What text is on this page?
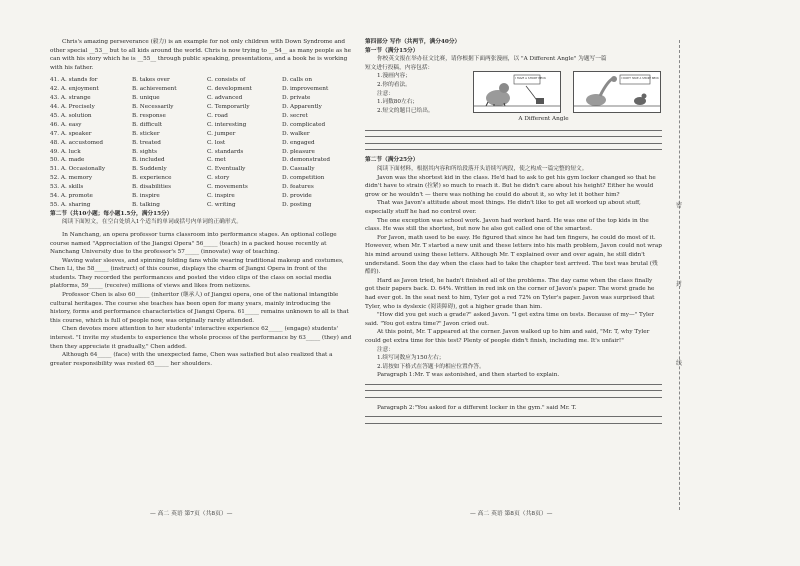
Chris's amazing perseverance (毅力) is an example for not only children with Down Syndrome and

other special __53__ but to all kids around the world. Chris is now trying to __54__ as many people as he

can with his story which he is __55__ through public speaking, presentations, and a book he is working

with his father.

41. A. stands for	B. takes over	C. consists of	D. calls on
42. A. enjoyment	B. achievement	C. development	D. improvement
43. A. strange	B. unique	C. advanced	D. private
44. A. Precisely	B. Necessarily	C. Temporarily	D. Apparently
45. A. solution	B. response	C. road	D. secret
46. A. easy	B. difficult	C. interesting	D. complicated
47. A. speaker	B. sticker	C. jumper	D. walker
48. A. accustomed	B. treated	C. lost	D. engaged
49. A. luck	B. sights	C. standards	D. pleasure
50. A. made	B. included	C. met	D. demonstrated
51. A. Occasionally	B. Suddenly	C. Eventually	D. Casually
52. A. memory	B. experience	C. story	D. competition
53. A. skills	B. disabilities	C. movements	D. features
54. A. promote	B. inspire	C. inspire	D. provide
55. A. sharing	B. talking	C. writing	D. posting

第二节（共10小题；每小题1.5分，满分15分）

阅读下面短文，在空白处填入1个适当的单词或括号内单词的正确形式。

In Nanchang, an opera professor turns classroom into performance stages. An optional college course named "Appreciation of the Jiangxi Opera" 56_____ (teach) in a packed house recently at Nanchang University due to the professor's 57_____ (innovate) way of teaching.

Waving water sleeves, and spinning folding fans while wearing traditional makeup and costumes, Chen Li, the 58_____ (instruct) of this course, displays the charm of Jiangxi Opera in front of the students. They recorded the performances and posted the video clips of the class on social media platforms, 59_____ (receive) millions of views and likes from netizens.

Professor Chen is also 60_____ (inheritor (继承人) of Jiangxi opera, one of the national intangible cultural heritages. The course she teaches has been open for many years, mainly introducing the history, forms and performance characteristics of Jiangxi Opera. 61_____ remains unknown to all is that this course, which is full of people now, was originally rarely attended.

Chen devotes more attention to her students' interactive experience 62_____ (engage) students' interest. "I invite my students to experience the whole process of the performance by 63_____ (they) and then they appreciate it gradually," Chen added.

Although 64_____ (face) with the unexpected fame, Chen was satisfied but also realized that a greater responsibility was rested 65_____ her shoulders.

— 高二 英语 第7页（共8页）—

第四部分 写作（共两节，满分40分）

第一节（满分15分）

你校英文报在举办征文比赛，请你根据下面两张漫画，以 "A Different Angle" 为题写一篇

短文进行投稿，内容包括：

1.漫画内容；

2.你的看法。

注意：

1.词数80左右；

2.短文的题目已给出。

I HAVE A SHORT NECK	I DON'T HAVE A SHORT NECK

A Different Angle

第二节（满分25分）

阅读下面材料，根据其内容和所给段落开头语续写两段，使之构成一篇完整的短文。

Javon was the shortest kid in the class. He'd had to ask to get his gym locker changed so that he didn't have to strain (拉紧) so much to reach it. But he didn't care about his height? Either he would grow or he wouldn't — there was nothing he could do about it, so why let it bother him?

That was Javon's attitude about most things. He didn't like to get all worked up about stuff, especially stuff he had no control over.

The one exception was school work. Javon had worked hard. He was one of the top kids in the class. He was still the shortest, but now he also got called one of the smartest.

For Javon, math used to be easy. He figured that since he had ten fingers, he could do most of it. However, when Mr. T started a new unit and these letters into his math problem, Javon could not wrap his mind around using these letters. Although Mr. T explained over and over again, he still didn't understand. Soon the day when the class had to take the chapter test arrived. The test was brutal (残酷的).

Hard as Javon tried, he hadn't finished all of the problems. The day came when the class finally got their papers back. D. 64%. Written in red ink on the corner of Javon's paper. The worst grade he had ever got. In the seat next to him, Tyler got a red 72% on Tyler's paper. Javon was surprised that Tyler, who is dyslexic (阅读障碍), got a higher grade than him.

"How did you get such a grade?" asked Javon. "I get extra time on tests. Because of my—" Tyler said. "You got extra time?" Javon cried out.

At this point, Mr. T appeared at the corner. Javon walked up to him and said, "Mr. T, why Tyler could get extra time for this test? Plenty of people didn't finish, including me. It's unfair!"

注意：

1.续写词数应为150左右；

2.请按如下格式在答题卡的相应位置作答。

Paragraph 1:Mr. T was astonished, and then started to explain.

Paragraph 2:"You asked for a different locker in the gym." said Mr. T.

— 高二 英语 第8页（共8页）—
密
封
线
